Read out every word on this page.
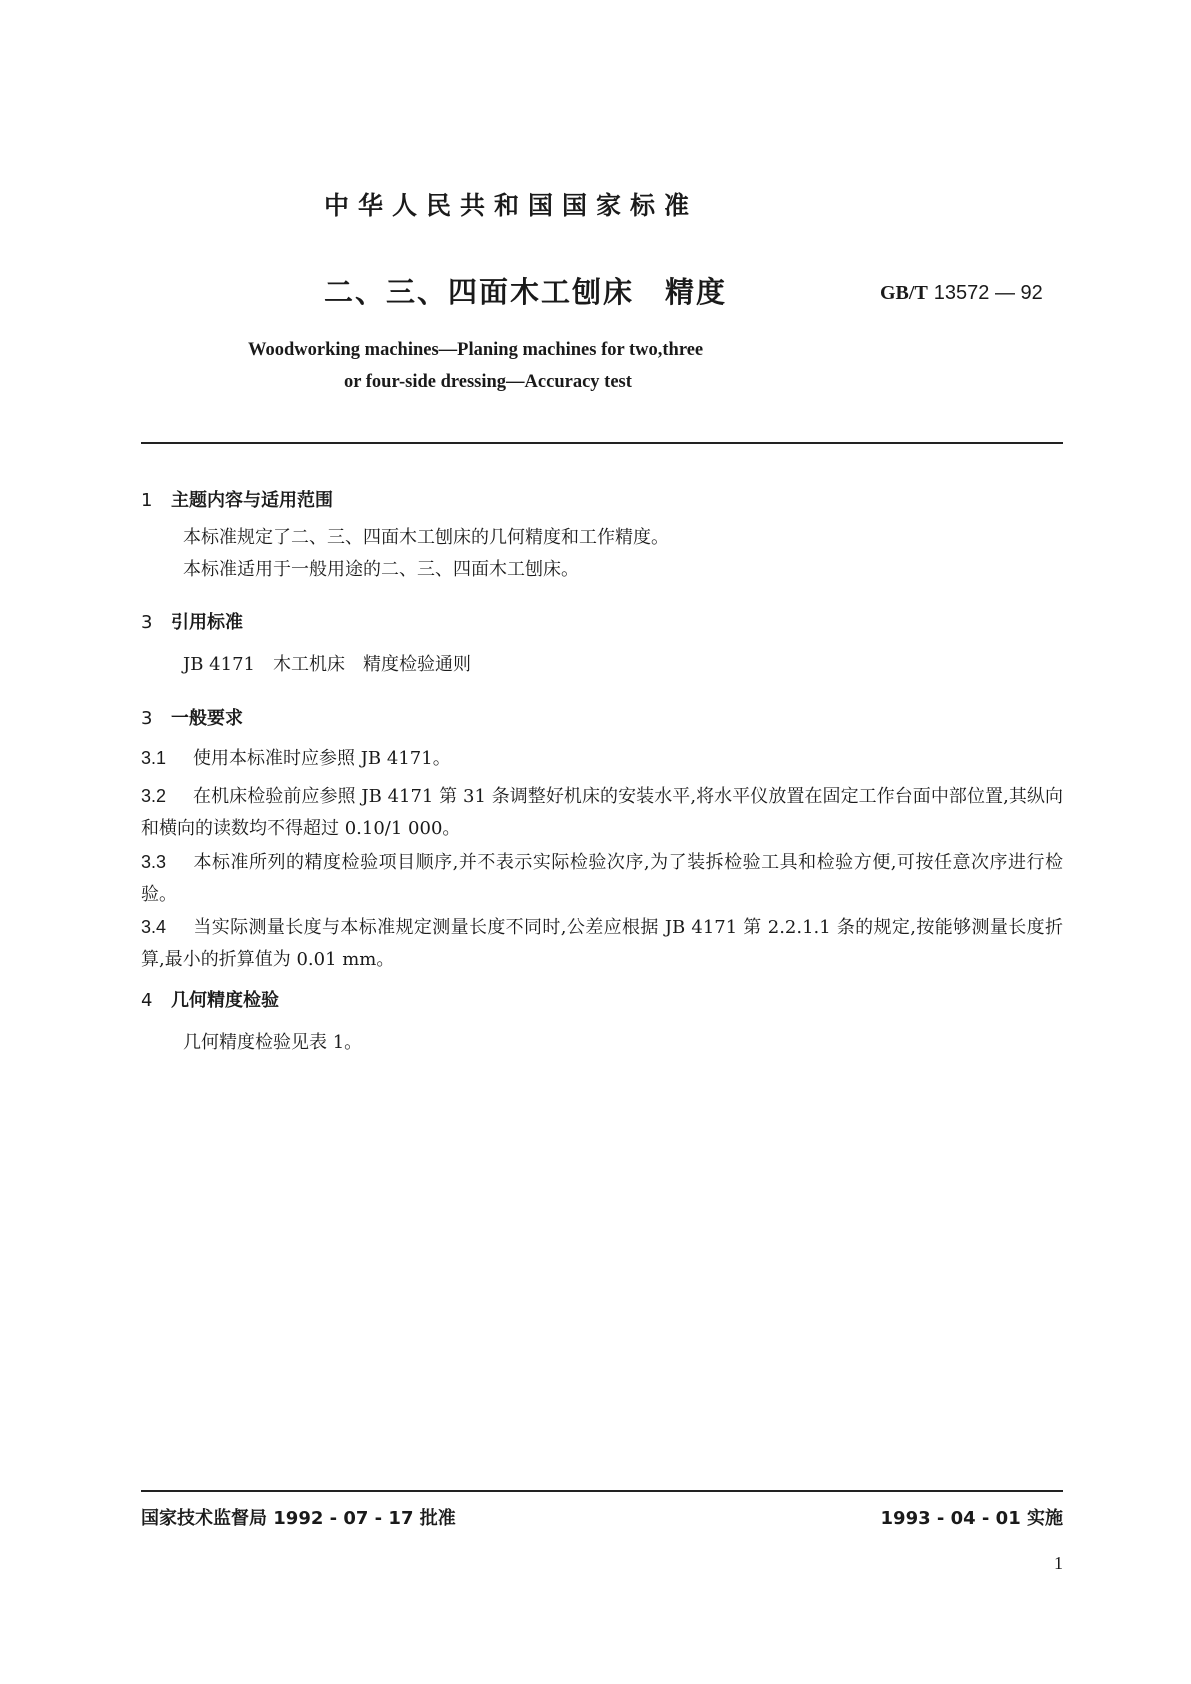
中华人民共和国国家标准
二、三、四面木工刨床　精度	GB/T 13572 — 92
Woodworking machines—Planing machines for two,three
or four-side dressing—Accuracy test
1 主题内容与适用范围
本标准规定了二、三、四面木工刨床的几何精度和工作精度。
本标准适用于一般用途的二、三、四面木工刨床。
3 引用标准
JB 4171　木工机床　精度检验通则
3 一般要求
3.1 使用本标准时应参照 JB 4171。
3.2 在机床检验前应参照 JB 4171 第 31 条调整好机床的安装水平,将水平仪放置在固定工作台面中部位置,其纵向和横向的读数均不得超过 0.10/1 000。
3.3 本标准所列的精度检验项目顺序,并不表示实际检验次序,为了装拆检验工具和检验方便,可按任意次序进行检验。
3.4 当实际测量长度与本标准规定测量长度不同时,公差应根据 JB 4171 第 2.2.1.1 条的规定,按能够测量长度折算,最小的折算值为 0.01 mm。
4 几何精度检验
几何精度检验见表 1。
国家技术监督局 1992 - 07 - 17 批准	1993 - 04 - 01 实施
1
